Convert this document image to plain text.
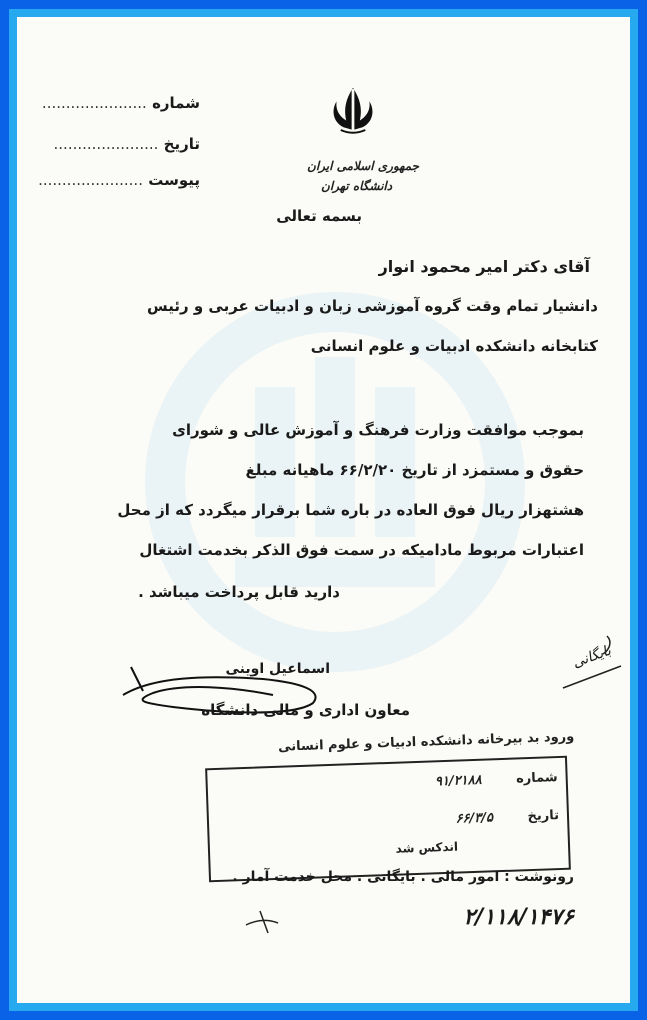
شماره ......................
تاریخ ......................
پیوست ......................
جمهوری اسلامی ایران
دانشگاه تهران
بسمه تعالی
آقای دکتر امیر محمود انوار
دانشیار تمام وقت گروه آموزشی زبان و ادبیات عربی و رئیس
کتابخانه دانشکده ادبیات و علوم انسانی
بموجب موافقت وزارت فرهنگ و آموزش عالی و شورای
حقوق و مستمزد از تاریخ ۶۶/۲/۲۰ ماهیانه مبلغ
هشتهزار ریال فوق العاده در باره شما برقرار میگردد که از محل
اعتبارات مربوط مادامیکه در سمت فوق الذکر بخدمت اشتغال
دارید قابل پرداخت میباشد .
اسماعیل اوینی
معاون اداری و مالی دانشگاه
بایگانی
ورود بد بیرخانه دانشکده ادبیات و علوم انسانی
شماره ۹۱/۲۱۸۸
تاریخ ۶۶/۳/۵
اندکس شد
رونوشت : امور مالی . بایگانی . محل خدمت آمار .
۲/۱۱۸/۱۴۷۶
